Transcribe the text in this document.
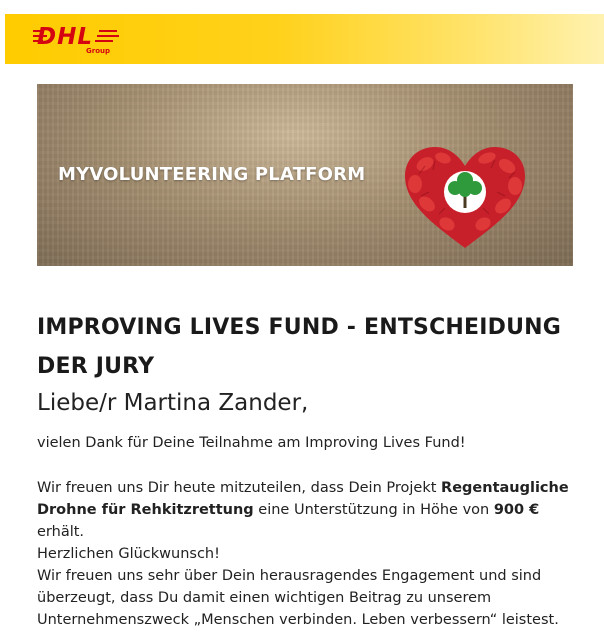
DHL
Group
MYVOLUNTEERING PLATFORM
IMPROVING LIVES FUND - ENTSCHEIDUNG
DER JURY
Liebe/r Martina Zander,

vielen Dank für Deine Teilnahme am Improving Lives Fund!

Wir freuen uns Dir heute mitzuteilen, dass Dein Projekt Regentaugliche
Drohne für Rehkitzrettung eine Unterstützung in Höhe von 900 € erhält.
Herzlichen Glückwunsch!

Wir freuen uns sehr über Dein herausragendes Engagement und sind
überzeugt, dass Du damit einen wichtigen Beitrag zu unserem
Unternehmenszweck „Menschen verbinden. Leben verbessern“ leistest.
